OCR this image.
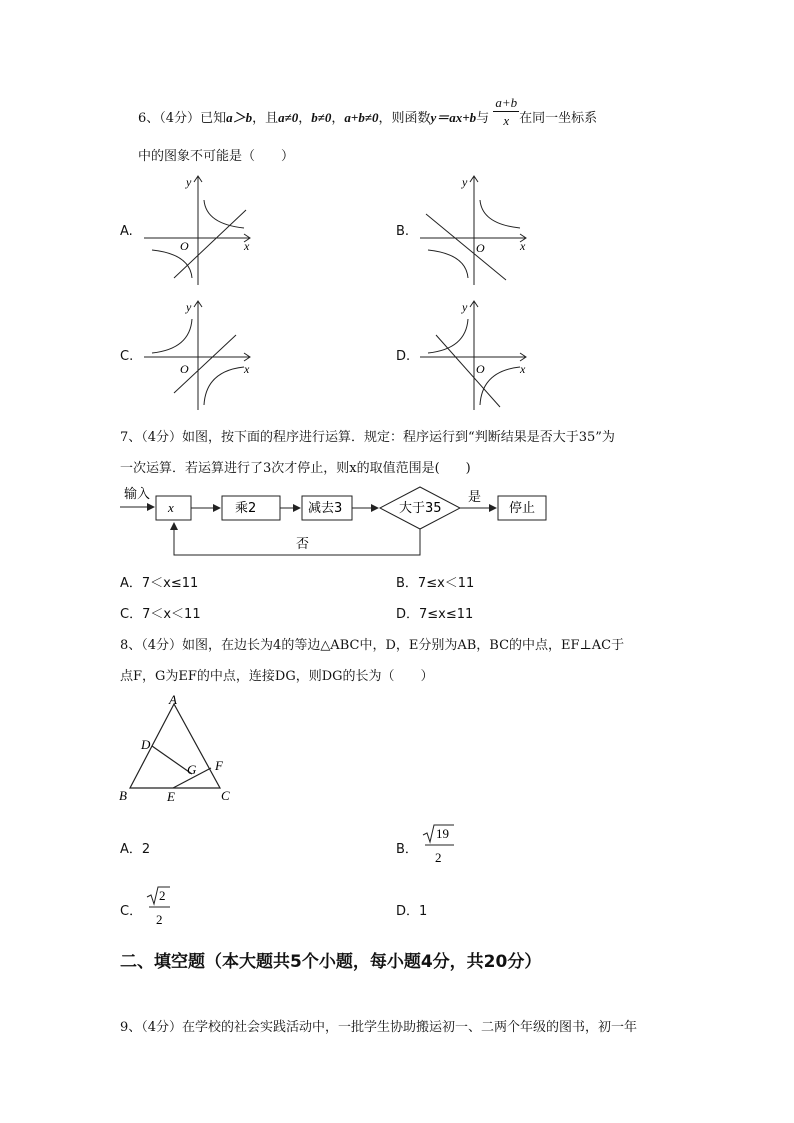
6、（4分）已知a＞b，且a≠0，b≠0，a+b≠0，则函数y＝ax+b与 $\frac{a+b}{x}$ 在同一坐标系
中的图象不可能是（　　）
A.	B.
C.	D.
y
x
O
y
x
O
y
x
O
y
x
O
7、（4分）如图，按下面的程序进行运算．规定：程序运行到“判断结果是否大于35”为
一次运算．若运算进行了3次才停止，则x的取值范围是(　　)
输入
x	乘2	减去3	大于35
是
停止
否
A．7＜x≤11	B．7≤x＜11
C．7＜x＜11	D．7≤x≤11
8、（4分）如图，在边长为4的等边△ABC中，D，E分别为AB，BC的中点，EF⊥AC于
点F，G为EF的中点，连接DG，则DG的长为（　　）
A
B	C
D
E
F
G
A．2	B．
19
2
C．
2
2
D．1
二、填空题（本大题共5个小题，每小题4分，共20分）
9、（4分）在学校的社会实践活动中，一批学生协助搬运初一、二两个年级的图书，初一年
